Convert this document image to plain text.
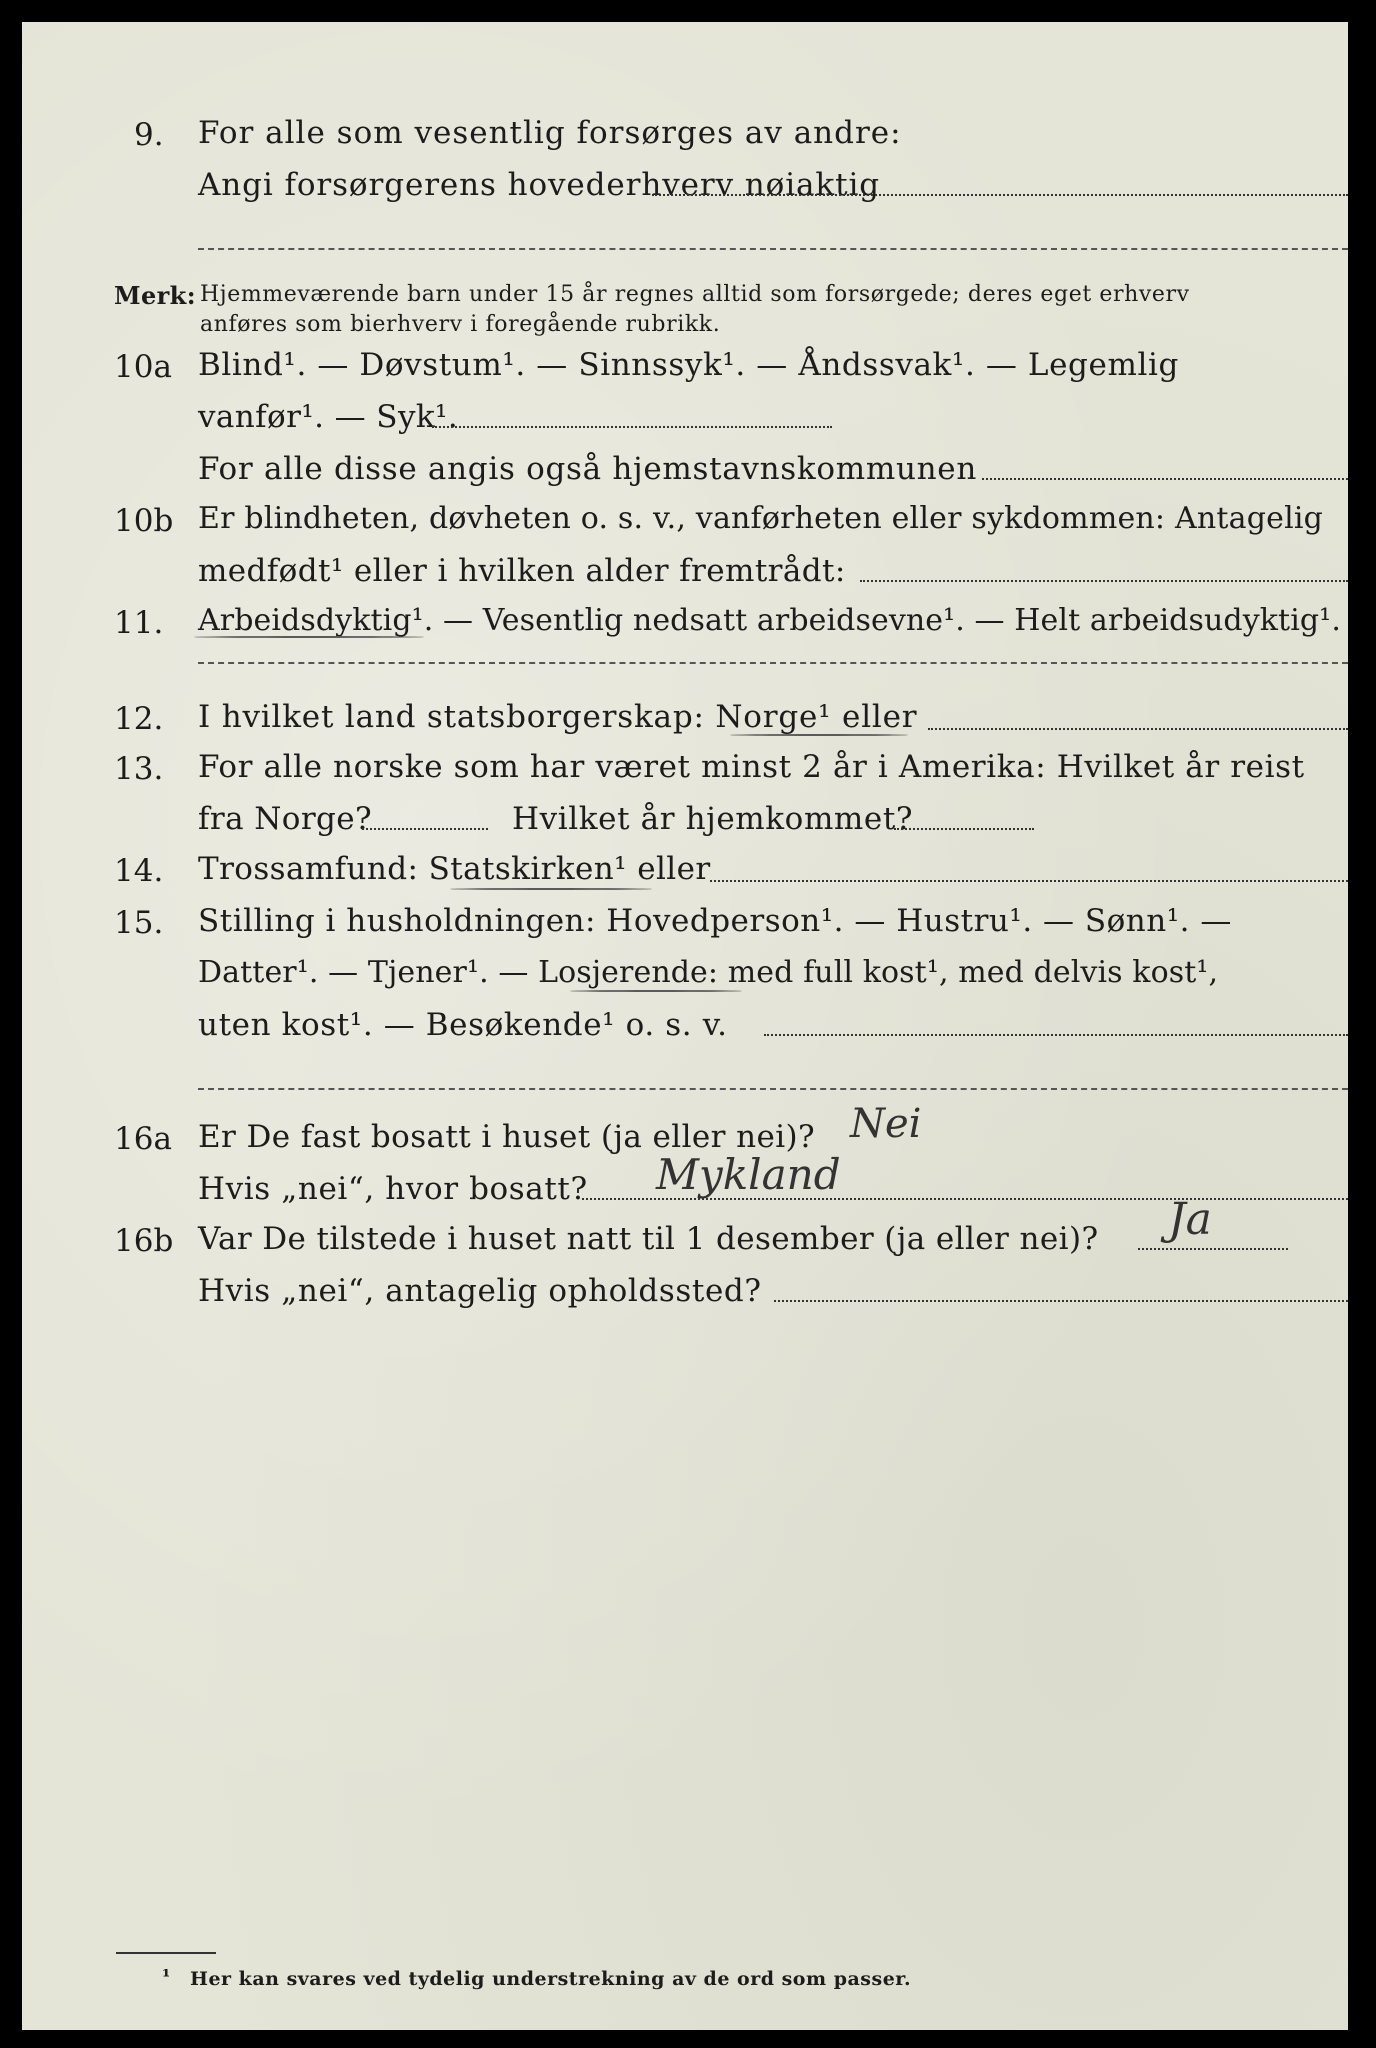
9. For alle som vesentlig forsørges av andre:
Angi forsørgerens hovederhverv nøiaktig
Merk: Hjemmeværende barn under 15 år regnes alltid som forsørgede; deres eget erhverv
anføres som bierhverv i foregående rubrikk.
10a Blind¹. — Døvstum¹. — Sinnssyk¹. — Åndssvak¹. — Legemlig
vanfør¹. — Syk¹.
For alle disse angis også hjemstavnskommunen
10b Er blindheten, døvheten o. s. v., vanførheten eller sykdommen: Antagelig
medfødt¹ eller i hvilken alder fremtrådt:
11. Arbeidsdyktig¹. — Vesentlig nedsatt arbeidsevne¹. — Helt arbeidsudyktig¹.
12. I hvilket land statsborgerskap: Norge¹ eller
13. For alle norske som har været minst 2 år i Amerika: Hvilket år reist
fra Norge?	Hvilket år hjemkommet?
14. Trossamfund: Statskirken¹ eller
15. Stilling i husholdningen: Hovedperson¹. — Hustru¹. — Sønn¹. —
Datter¹. — Tjener¹. — Losjerende: med full kost¹, med delvis kost¹,
uten kost¹. — Besøkende¹ o. s. v.
16a Er De fast bosatt i huset (ja eller nei)? Nei
Hvis „nei“, hvor bosatt? Mykland
16b Var De tilstede i huset natt til 1 desember (ja eller nei)? Ja
Hvis „nei“, antagelig opholdssted?
¹ Her kan svares ved tydelig understrekning av de ord som passer.
